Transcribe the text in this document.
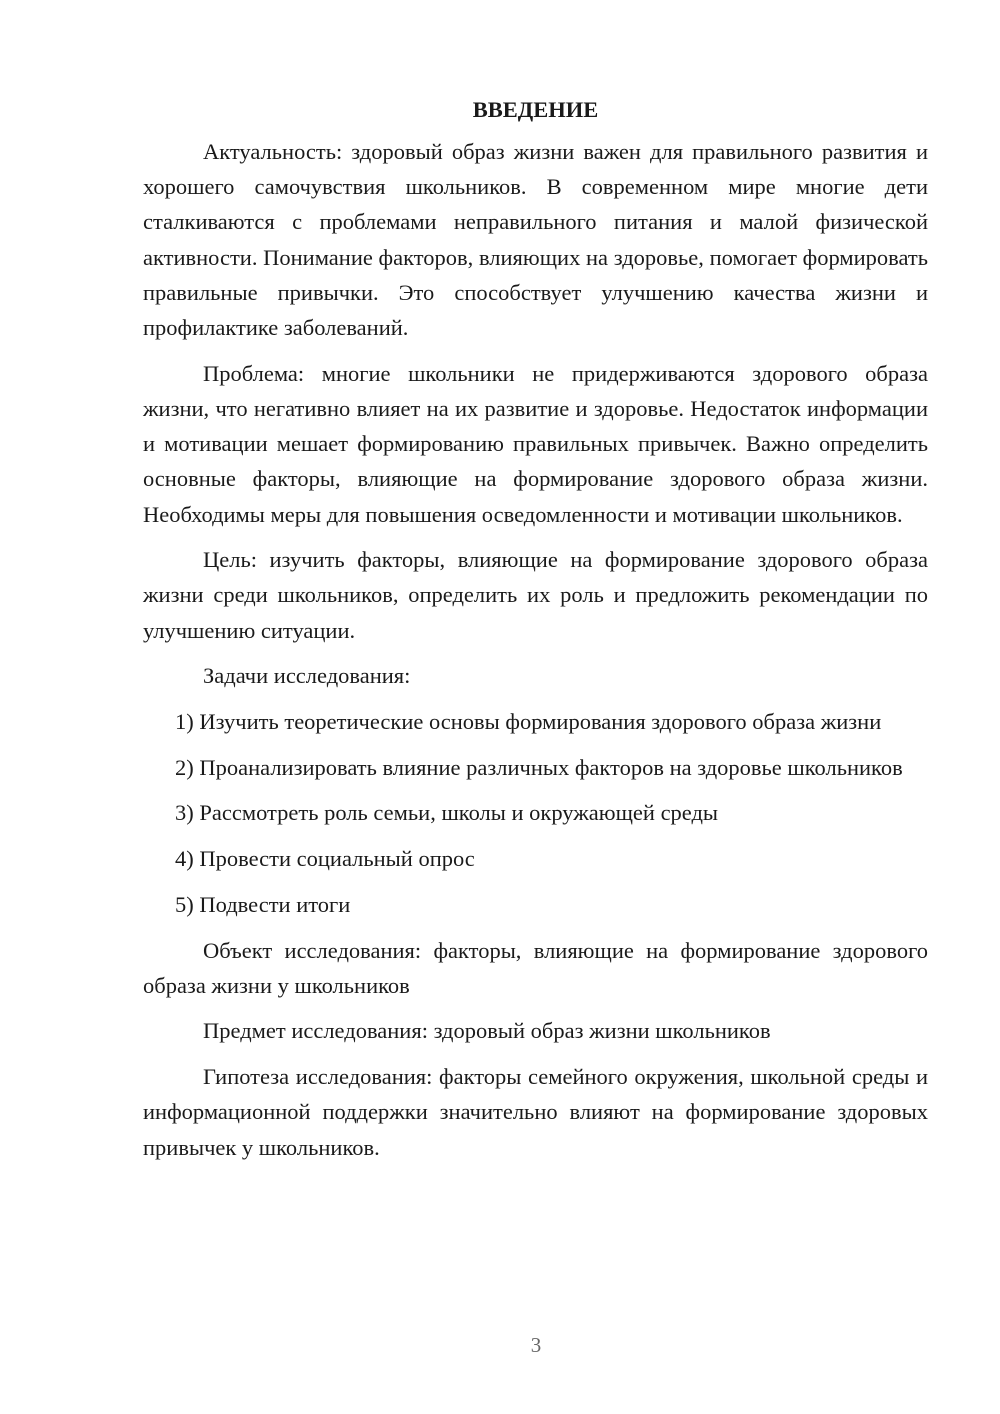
ВВЕДЕНИЕ

Актуальность: здоровый образ жизни важен для правильного развития и хорошего самочувствия школьников. В современном мире многие дети сталкиваются с проблемами неправильного питания и малой физической активности. Понимание факторов, влияющих на здоровье, помогает формировать правильные привычки. Это способствует улучшению качества жизни и профилактике заболеваний.

Проблема: многие школьники не придерживаются здорового образа жизни, что негативно влияет на их развитие и здоровье. Недостаток информации и мотивации мешает формированию правильных привычек. Важно определить основные факторы, влияющие на формирование здорового образа жизни. Необходимы меры для повышения осведомленности и мотивации школьников.

Цель: изучить факторы, влияющие на формирование здорового образа жизни среди школьников, определить их роль и предложить рекомендации по улучшению ситуации.

Задачи исследования:

1) Изучить теоретические основы формирования здорового образа жизни

2) Проанализировать влияние различных факторов на здоровье школьников

3) Рассмотреть роль семьи, школы и окружающей среды

4) Провести социальный опрос

5) Подвести итоги

Объект исследования: факторы, влияющие на формирование здорового образа жизни у школьников

Предмет исследования: здоровый образ жизни школьников

Гипотеза исследования: факторы семейного окружения, школьной среды и информационной поддержки значительно влияют на формирование здоровых привычек у школьников.

3
